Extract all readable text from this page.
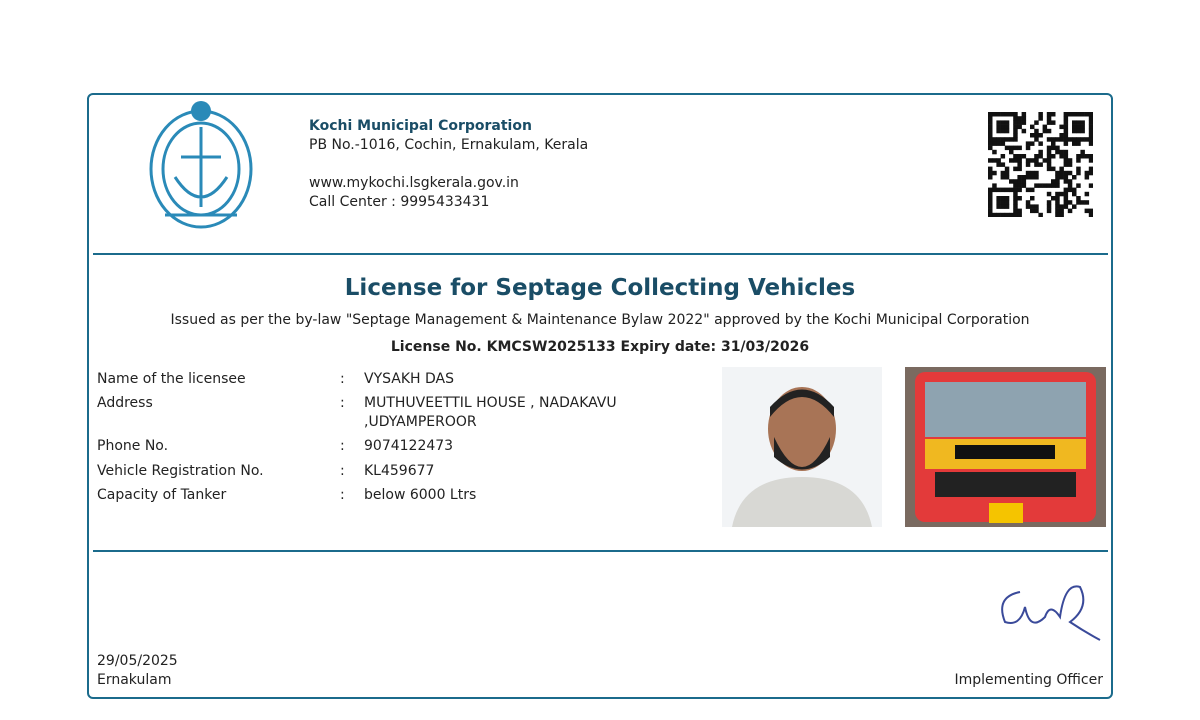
Kochi Municipal Corporation
PB No.-1016, Cochin, Ernakulam, Kerala

www.mykochi.lsgkerala.gov.in
Call Center : 9995433431
License for Septage Collecting Vehicles
Issued as per the by-law "Septage Management & Maintenance Bylaw 2022" approved by the Kochi Municipal Corporation
License No. KMCSW2025133 Expiry date: 31/03/2026
Name of the licensee	: VYSAKH DAS
Address	: MUTHUVEETTIL HOUSE , NADAKAVU ,UDYAMPEROOR
Phone No.	: 9074122473
Vehicle Registration No.	: KL459677
Capacity of Tanker	: below 6000 Ltrs
29/05/2025
Ernakulam	Implementing Officer
